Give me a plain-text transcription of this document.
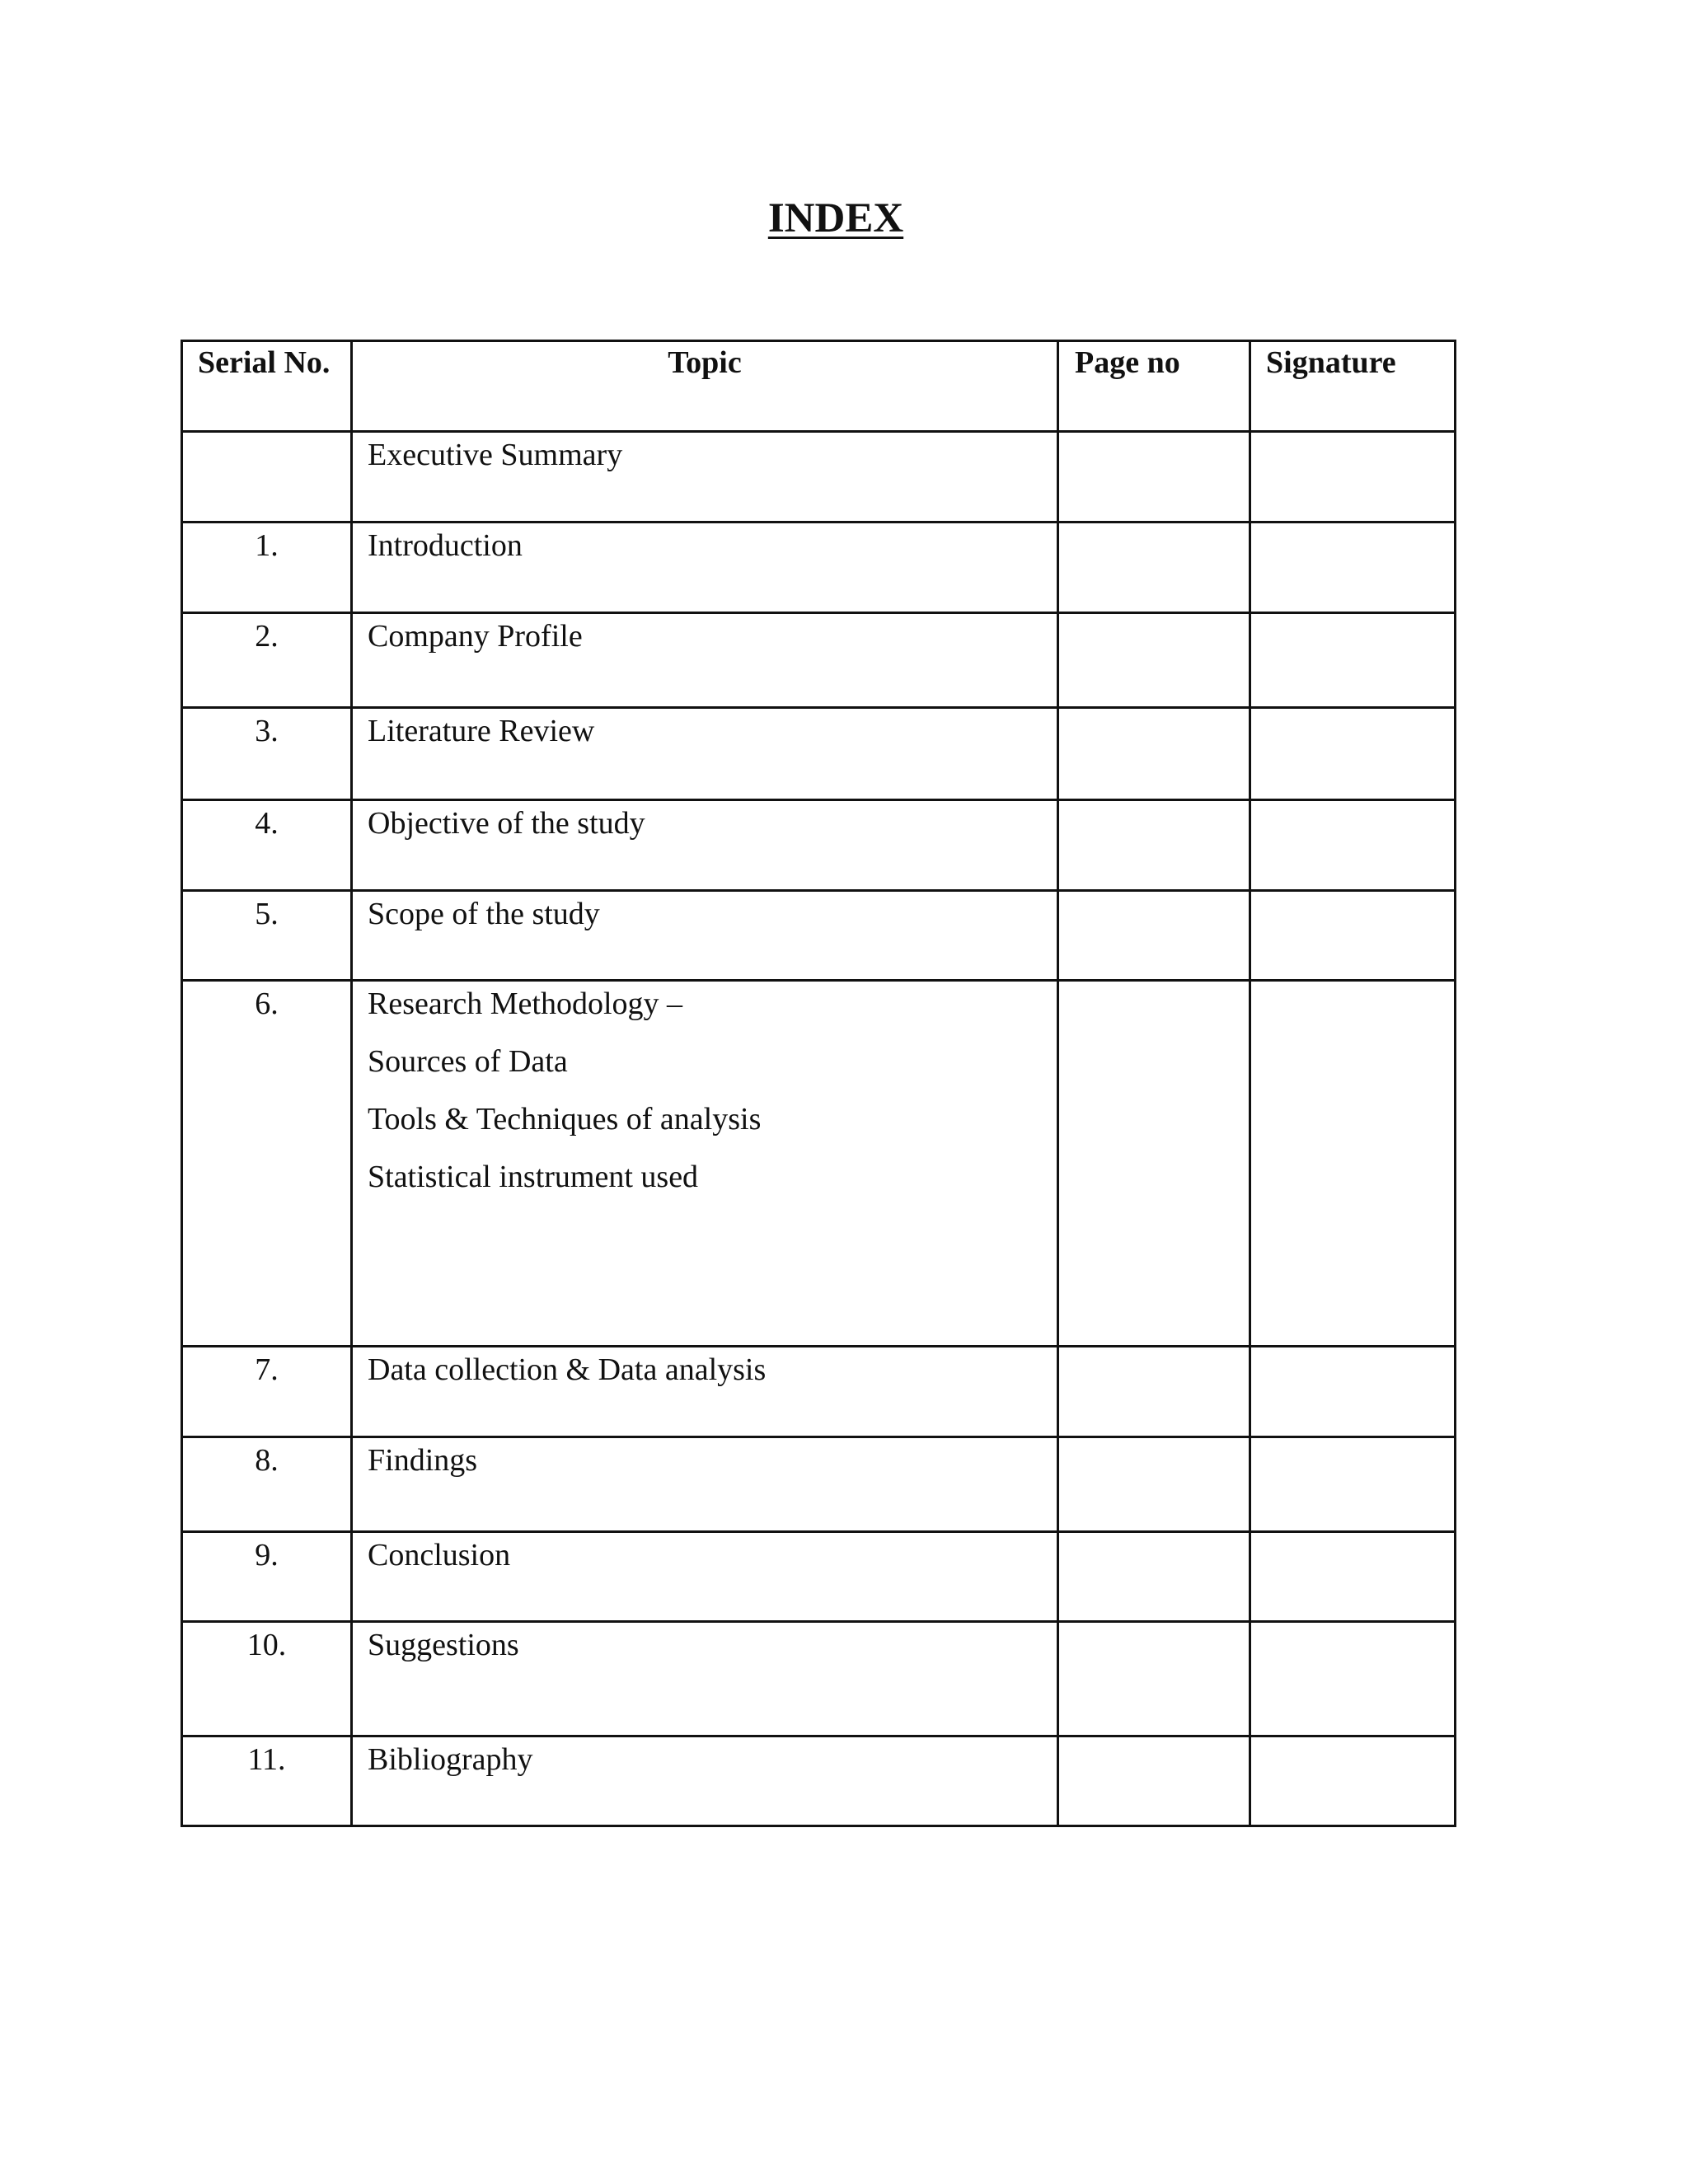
INDEX
Serial No.	Topic	Page no	Signature

	Executive Summary		

1.	Introduction		

2.	Company Profile		

3.	Literature Review		

4.	Objective of the study		

5.	Scope of the study		

6.	Research Methodology –
Sources of Data
Tools & Techniques of analysis
Statistical instrument used		

7.	Data collection & Data analysis		

8.	Findings		

9.	Conclusion		

10.	Suggestions		

11.	Bibliography		
